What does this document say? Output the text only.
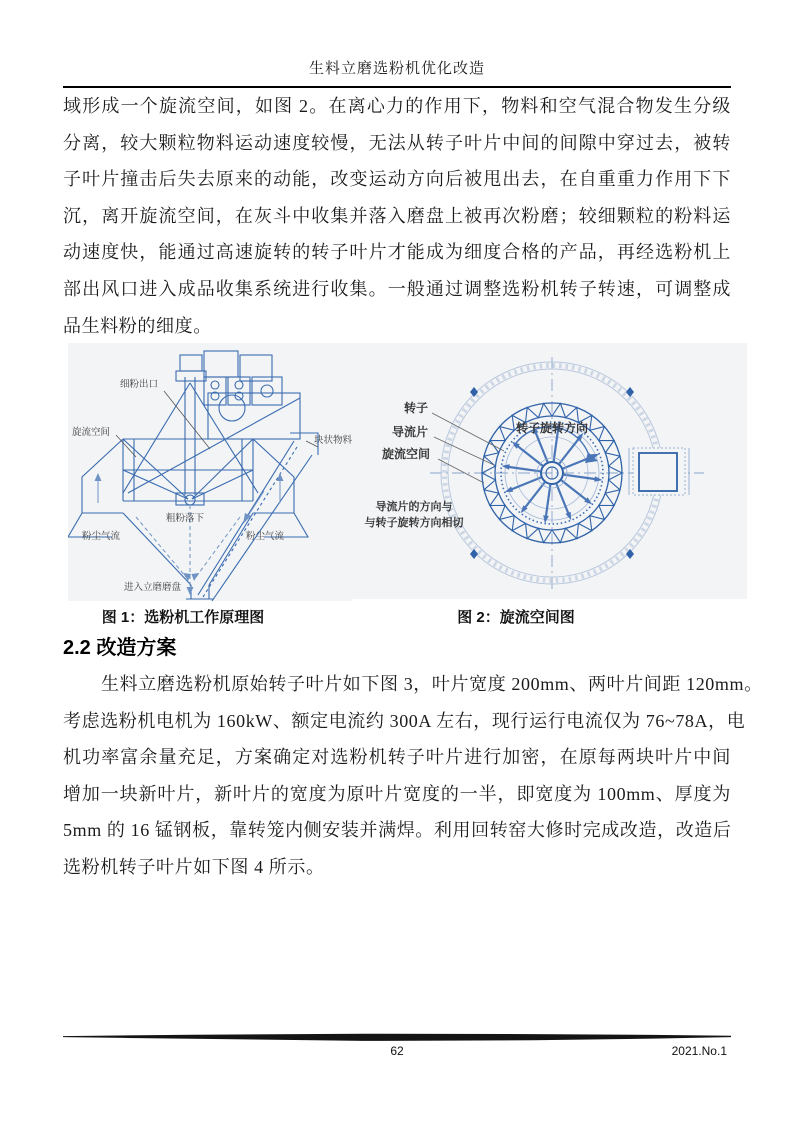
生料立磨选粉机优化改造
域形成一个旋流空间，如图 2。在离心力的作用下，物料和空气混合物发生分级
分离，较大颗粒物料运动速度较慢，无法从转子叶片中间的间隙中穿过去，被转
子叶片撞击后失去原来的动能，改变运动方向后被甩出去，在自重重力作用下下
沉，离开旋流空间，在灰斗中收集并落入磨盘上被再次粉磨；较细颗粒的粉料运
动速度快，能通过高速旋转的转子叶片才能成为细度合格的产品，再经选粉机上
部出风口进入成品收集系统进行收集。一般通过调整选粉机转子转速，可调整成
品生料粉的细度。
细粉出口
旋流空间
块状物料
粗粉落下
粉尘气流	粉尘气流
进入立磨磨盘
转子
导流片
旋流空间
转子旋转方向
导流片的方向与
与转子旋转方向相切
图 1：选粉机工作原理图	图 2：旋流空间图
2.2 改造方案
生料立磨选粉机原始转子叶片如下图 3，叶片宽度 200mm、两叶片间距 120mm。
考虑选粉机电机为 160kW、额定电流约 300A 左右，现行运行电流仅为 76~78A，电
机功率富余量充足，方案确定对选粉机转子叶片进行加密，在原每两块叶片中间
增加一块新叶片，新叶片的宽度为原叶片宽度的一半，即宽度为 100mm、厚度为
5mm 的 16 锰钢板，靠转笼内侧安装并满焊。利用回转窑大修时完成改造，改造后
选粉机转子叶片如下图 4 所示。
62	2021.No.1
